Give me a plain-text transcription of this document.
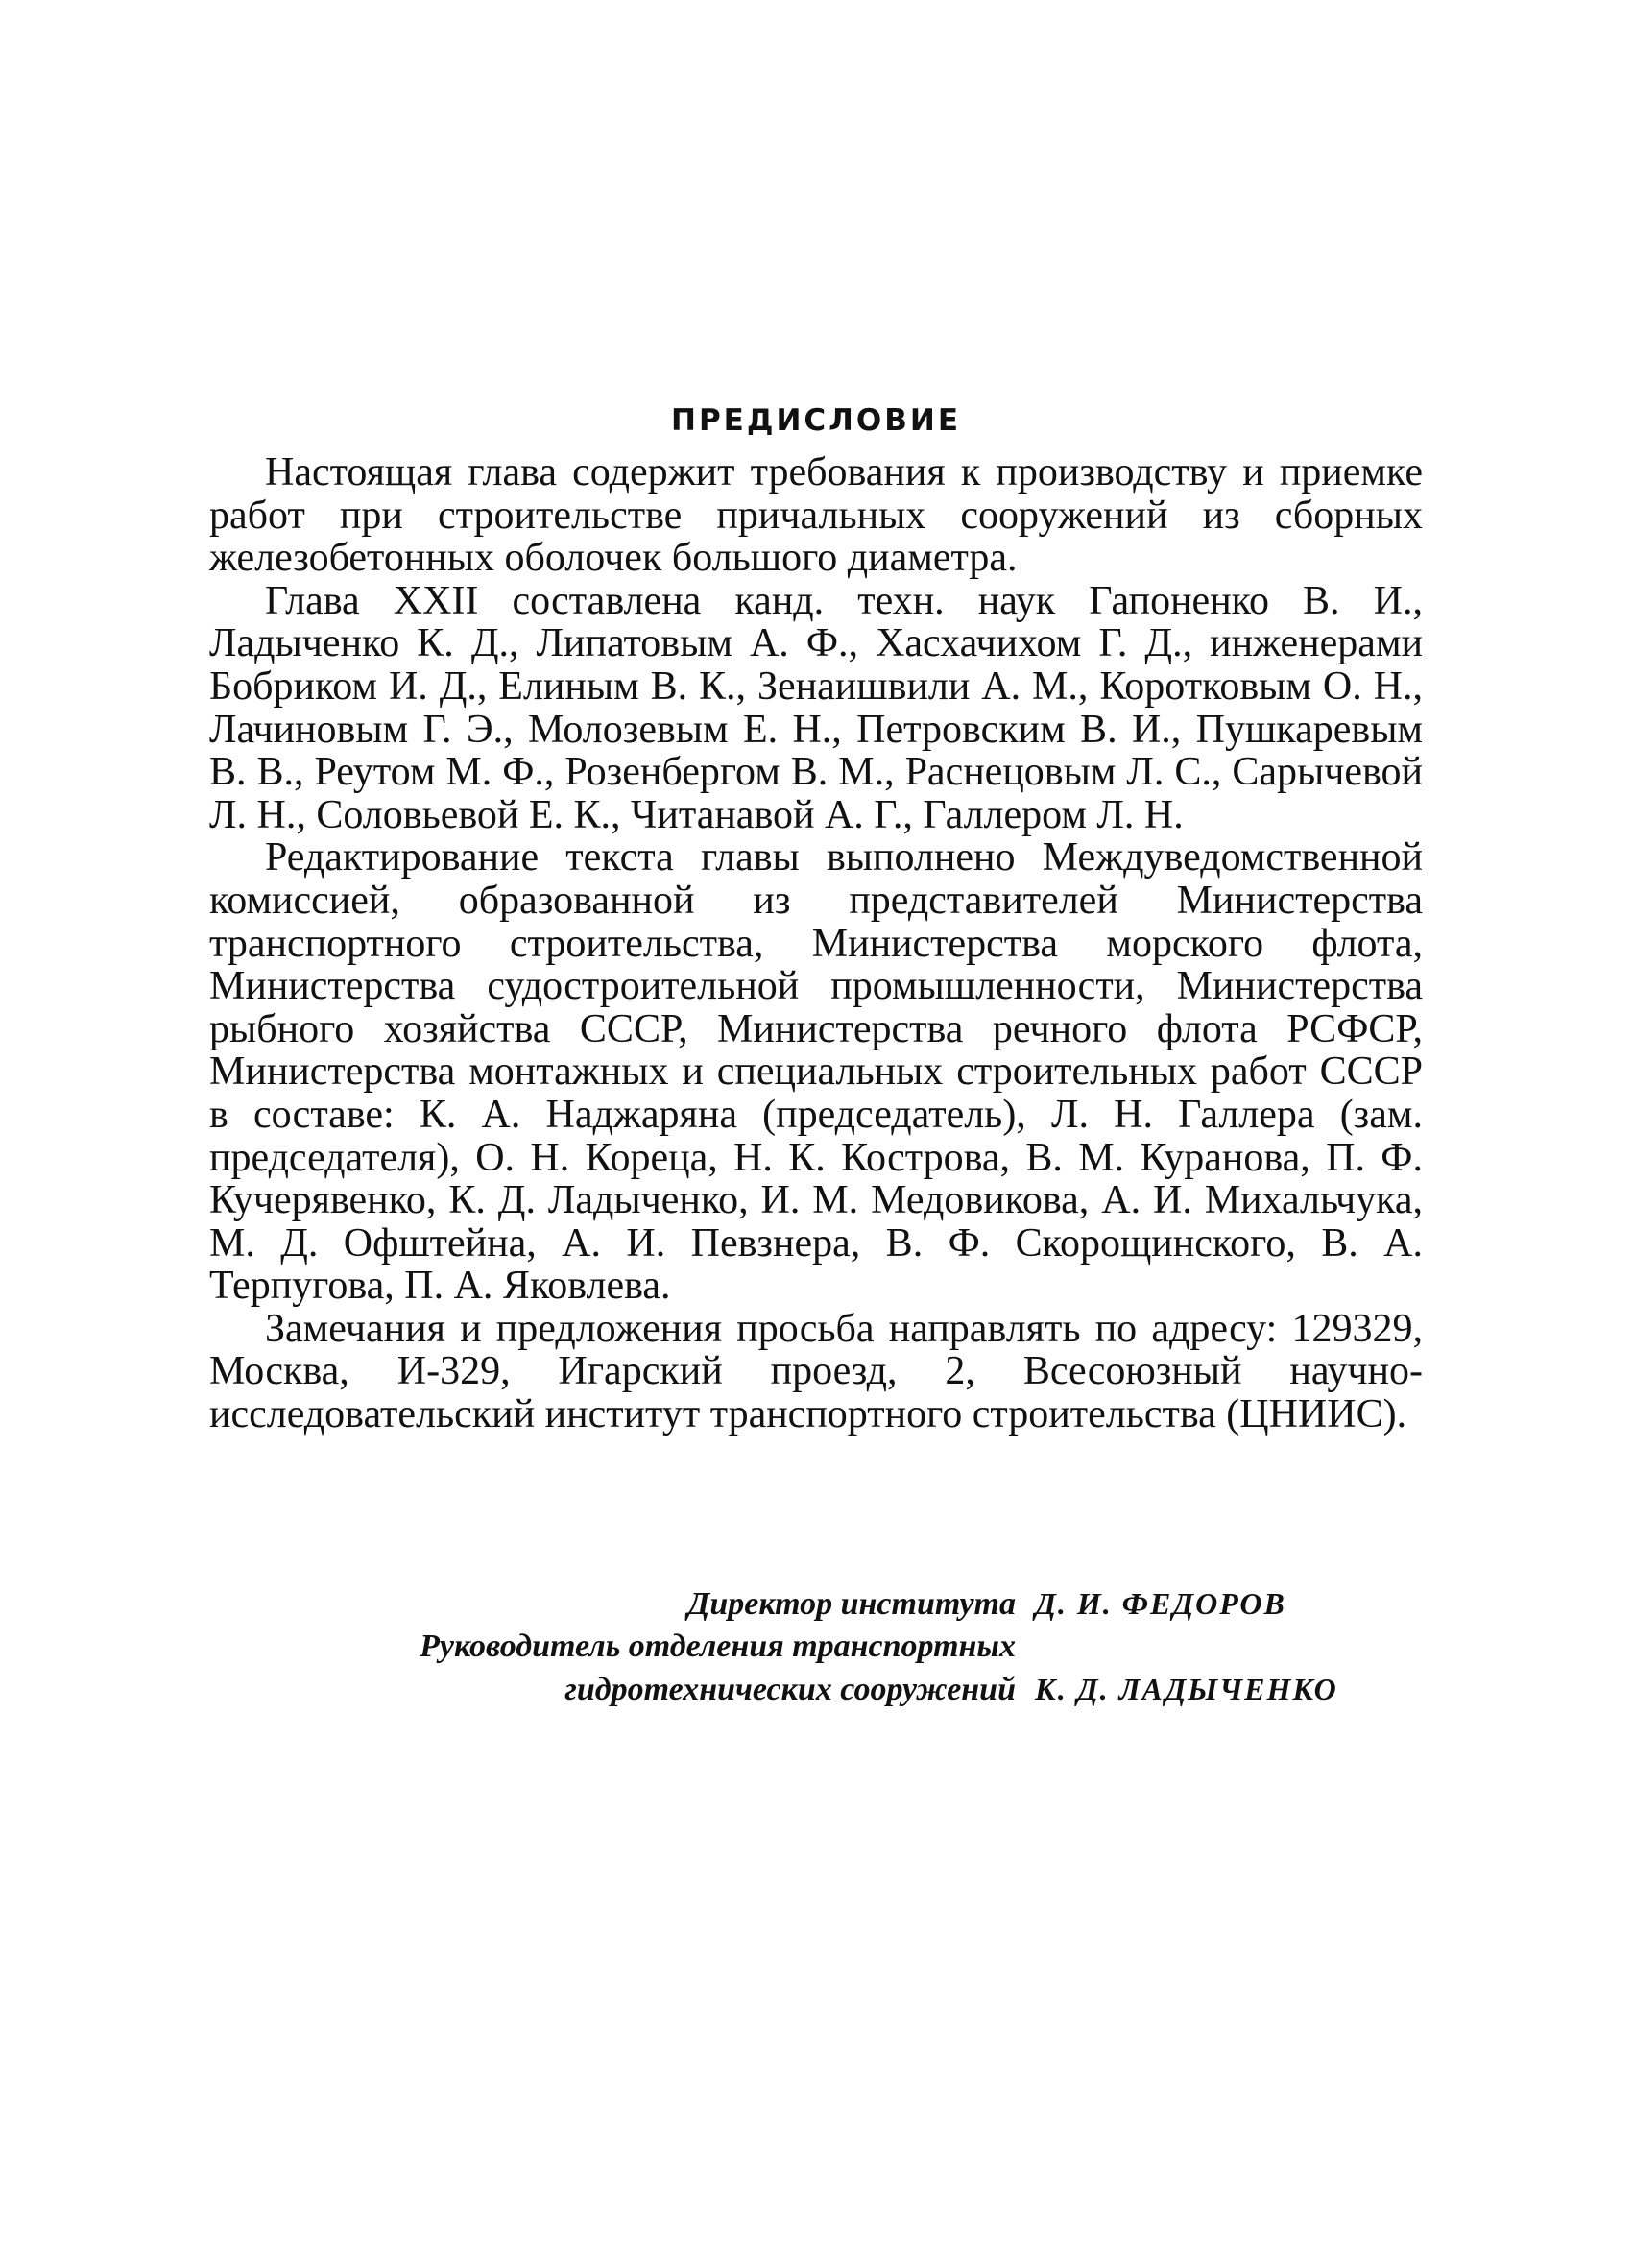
ПРЕДИСЛОВИЕ

Настоящая глава содержит требования к производству и приемке работ при строительстве причальных сооружений из сборных железобетонных оболочек большого диаметра.

Глава XXII составлена канд. техн. наук Гапоненко В. И., Ладыченко К. Д., Липатовым А. Ф., Хасхачихом Г. Д., инженерами Бобриком И. Д., Елиным В. К., Зенаишвили А. М., Коротковым О. Н., Лачиновым Г. Э., Молозевым Е. Н., Петровским В. И., Пушкаревым В. В., Реутом М. Ф., Розенбергом В. М., Раснецовым Л. С., Сарычевой Л. Н., Соловьевой Е. К., Читанавой А. Г., Галлером Л. Н.

Редактирование текста главы выполнено Междуведомственной комиссией, образованной из представителей Министерства транспортного строительства, Министерства морского флота, Министерства судостроительной промышленности, Министерства рыбного хозяйства СССР, Министерства речного флота РСФСР, Министерства монтажных и специальных строительных работ СССР в составе: К. А. Наджаряна (председатель), Л. Н. Галлера (зам. председателя), О. Н. Кореца, Н. К. Кострова, В. М. Куранова, П. Ф. Кучерявенко, К. Д. Ладыченко, И. М. Медовикова, А. И. Михальчука, М. Д. Офштейна, А. И. Певзнера, В. Ф. Скорощинского, В. А. Терпугова, П. А. Яковлева.

Замечания и предложения просьба направлять по адресу: 129329, Москва, И-329, Игарский проезд, 2, Всесоюзный научно-исследовательский институт транспортного строительства (ЦНИИС).

Директор института Д. И. ФЕДОРОВ
Руководитель отделения транспортных
гидротехнических сооружений К. Д. ЛАДЫЧЕНКО
